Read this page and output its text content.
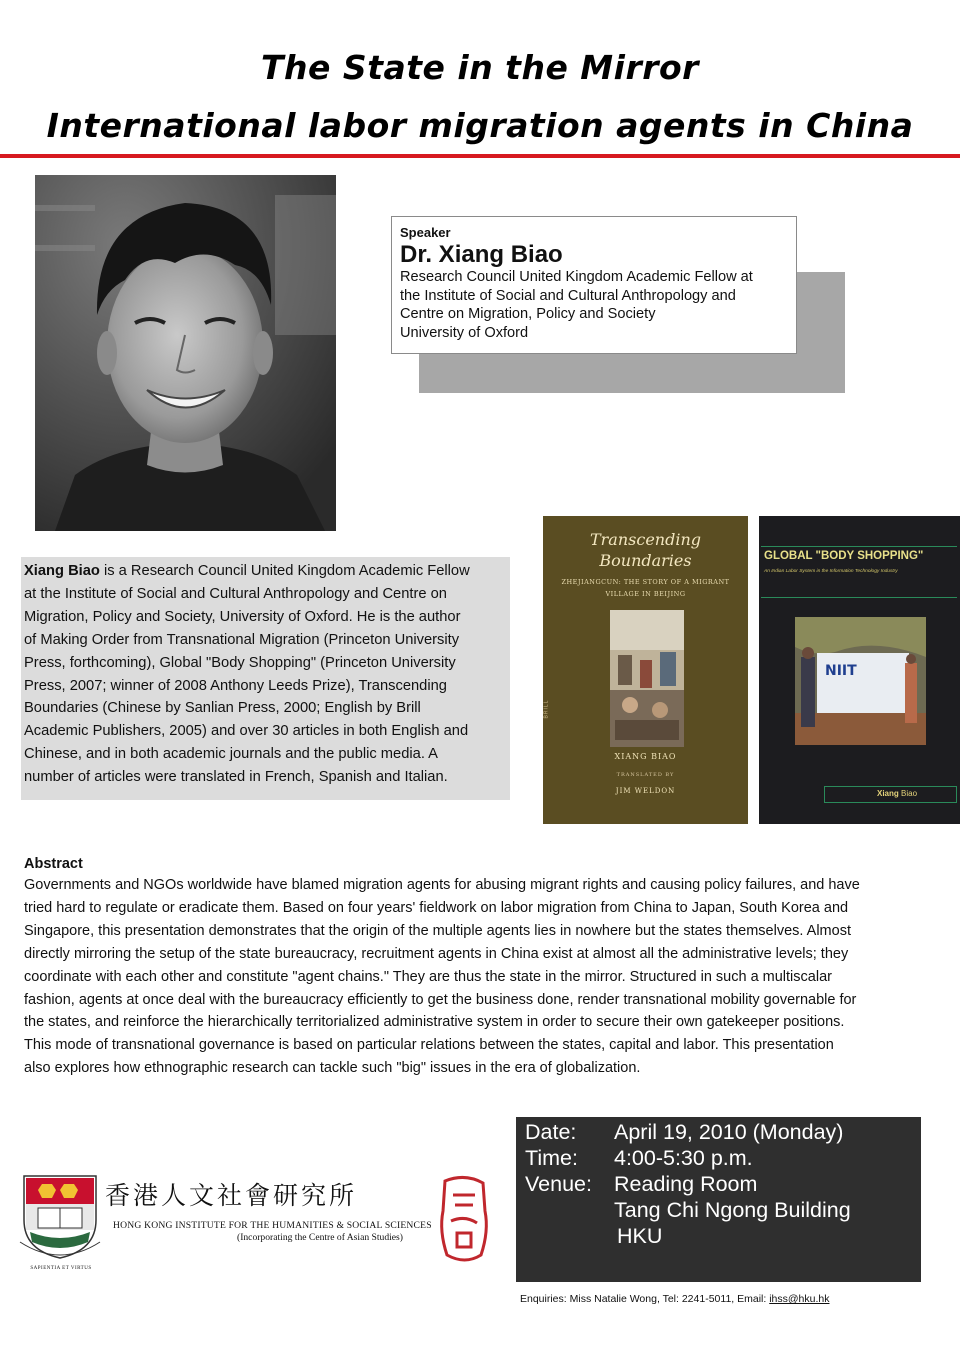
The State in the Mirror
International labor migration agents in China
Speaker
Dr. Xiang Biao
Research Council United Kingdom Academic Fellow at
the Institute of Social and Cultural Anthropology and
Centre on Migration, Policy and Society
University of Oxford
Xiang Biao is a Research Council United Kingdom Academic Fellow
at the Institute of Social and Cultural Anthropology and Centre on
Migration, Policy and Society, University of Oxford. He is the author
of Making Order from Transnational Migration (Princeton University
Press, forthcoming), Global "Body Shopping" (Princeton University
Press, 2007; winner of 2008 Anthony Leeds Prize), Transcending
Boundaries (Chinese by Sanlian Press, 2000; English by Brill
Academic Publishers, 2005) and over 30 articles in both English and
Chinese, and in both academic journals and the public media. A
number of articles were translated in French, Spanish and Italian.
Transcending
Boundaries
ZHEJIANGCUN: THE STORY OF A MIGRANT
VILLAGE IN BEIJING
XIANG BIAO
TRANSLATED BY
JIM WELDON
BRILL
GLOBAL "BODY SHOPPING"
An Indian Labor System in the Information Technology Industry
NIIT
Xiang Biao
Abstract
Governments and NGOs worldwide have blamed migration agents for abusing migrant rights and causing policy failures, and have
tried hard to regulate or eradicate them. Based on four years' fieldwork on labor migration from China to Japan, South Korea and
Singapore, this presentation demonstrates that the origin of the multiple agents lies in nowhere but the states themselves. Almost
directly mirroring the setup of the state bureaucracy, recruitment agents in China exist at almost all the administrative levels; they
coordinate with each other and constitute "agent chains." They are thus the state in the mirror. Structured in such a multiscalar
fashion, agents at once deal with the bureaucracy efficiently to get the business done, render transnational mobility governable for
the states, and reinforce the hierarchically territorialized administrative system in order to secure their own gatekeeper positions.
This mode of transnational governance is based on particular relations between the states, capital and labor. This presentation
also explores how ethnographic research can tackle such "big" issues in the era of globalization.
SAPIENTIA ET VIRTUS
香港人文社會研究所
HONG KONG INSTITUTE FOR THE HUMANITIES & SOCIAL SCIENCES
(Incorporating the Centre of Asian Studies)
Date: April 19, 2010 (Monday)
Time: 4:00-5:30 p.m.
Venue: Reading Room
Tang Chi Ngong Building
HKU
Enquiries: Miss Natalie Wong, Tel: 2241-5011, Email: ihss@hku.hk
